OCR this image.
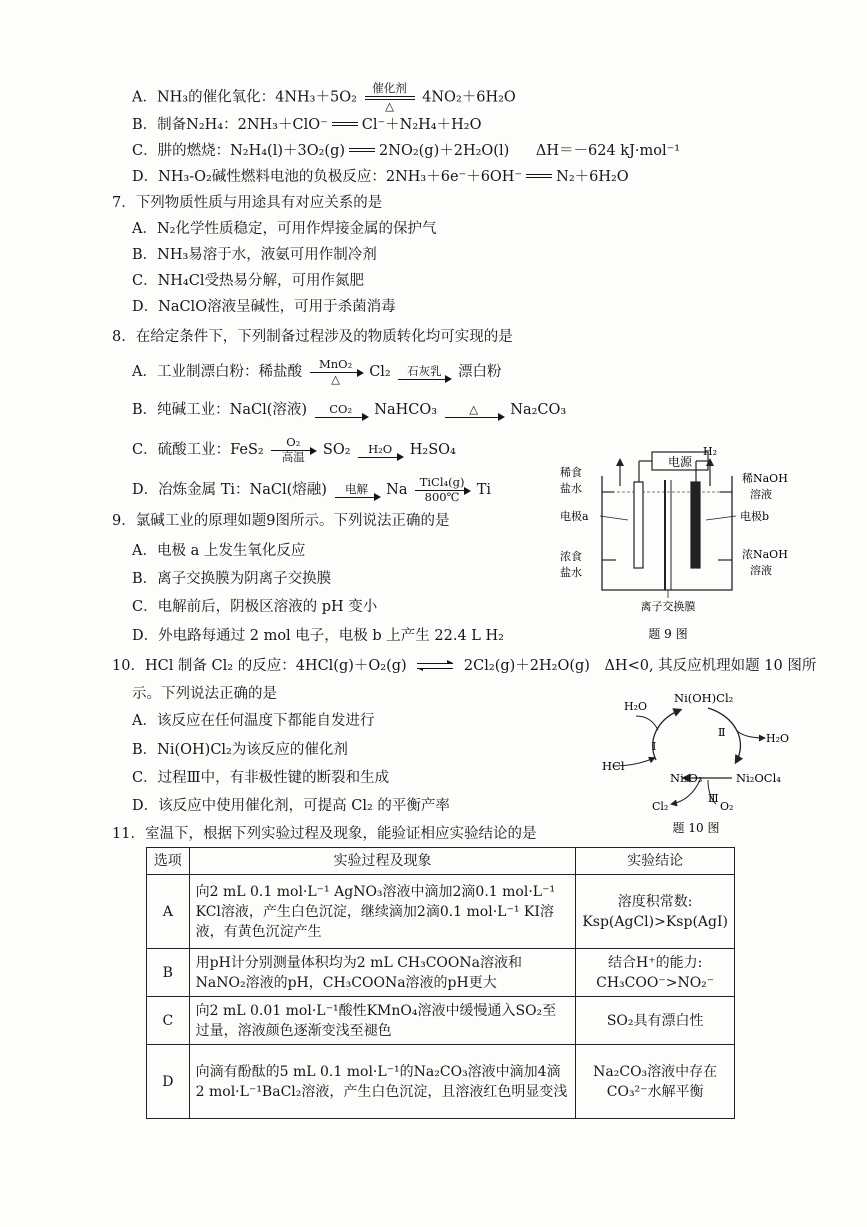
A．NH₃的催化氧化：4NH₃＋5O₂
催化剂
△
4NO₂＋6H₂O
B．制备N₂H₄：2NH₃＋ClO⁻ Cl⁻＋N₂H₄＋H₂O
C．肼的燃烧：N₂H₄(l)＋3O₂(g) 2NO₂(g)＋2H₂O(l) ΔH＝－624 kJ·mol⁻¹
D．NH₃-O₂碱性燃料电池的负极反应：2NH₃＋6e⁻＋6OH⁻ N₂＋6H₂O
7．下列物质性质与用途具有对应关系的是
A．N₂化学性质稳定，可用作焊接金属的保护气
B．NH₃易溶于水，液氨可用作制冷剂
C．NH₄Cl受热易分解，可用作氮肥
D．NaClO溶液呈碱性，可用于杀菌消毒
8．在给定条件下，下列制备过程涉及的物质转化均可实现的是
A．工业制漂白粉：稀盐酸	MnO₂
△	Cl₂	石灰乳	漂白粉
B．纯碱工业：NaCl(溶液)	CO₂	NaHCO₃	△	Na₂CO₃
C．硫酸工业：FeS₂	O₂
高温	SO₂	H₂O	H₂SO₄
D．冶炼金属 Ti：NaCl(熔融)	电解	Na	TiCl₄(g)
800℃	Ti
9．氯碱工业的原理如题9图所示。下列说法正确的是
A．电极 a 上发生氧化反应
B．离子交换膜为阴离子交换膜
C．电解前后，阴极区溶液的 pH 变小
D．外电路每通过 2 mol 电子，电极 b 上产生 22.4 L H₂
电源
H₂
稀食
盐水
稀NaOH
溶液
电极a	电极b
浓食
盐水
浓NaOH
溶液
离子交换膜
题 9 图
10．HCl 制备 Cl₂ 的反应：4HCl(g)＋O₂(g)	2Cl₂(g)＋2H₂O(g)　ΔH<0, 其反应机理如题 10 图所
示。下列说法正确的是
A．该反应在任何温度下都能自发进行
B．Ni(OH)Cl₂为该反应的催化剂
C．过程Ⅲ中，有非极性键的断裂和生成
D．该反应中使用催化剂，可提高 Cl₂ 的平衡产率
H₂O
Ni(OH)Cl₂
Ⅱ	H₂O
HCl
Ⅰ
Ni₂O₃
Ⅲ
Ni₂OCl₄
Cl₂	O₂
题 10 图
11．室温下，根据下列实验过程及现象，能验证相应实验结论的是
选项	实验过程及现象	实验结论
A	向2 mL 0.1 mol·L⁻¹ AgNO₃溶液中滴加2滴0.1 mol·L⁻¹ KCl溶液，产生白色沉淀，继续滴加2滴0.1 mol·L⁻¹ KI溶液，有黄色沉淀产生	溶度积常数:
Ksp(AgCl)>Ksp(AgI)

B	用pH计分别测量体积均为2 mL CH₃COONa溶液和NaNO₂溶液的pH，CH₃COONa溶液的pH更大	结合H⁺的能力:
CH₃COO⁻>NO₂⁻

C	向2 mL 0.01 mol·L⁻¹酸性KMnO₄溶液中缓慢通入SO₂至过量，溶液颜色逐渐变浅至褪色	SO₂具有漂白性

D	向滴有酚酞的5 mL 0.1 mol·L⁻¹的Na₂CO₃溶液中滴加4滴2 mol·L⁻¹BaCl₂溶液，产生白色沉淀，且溶液红色明显变浅	Na₂CO₃溶液中存在
CO₃²⁻水解平衡
